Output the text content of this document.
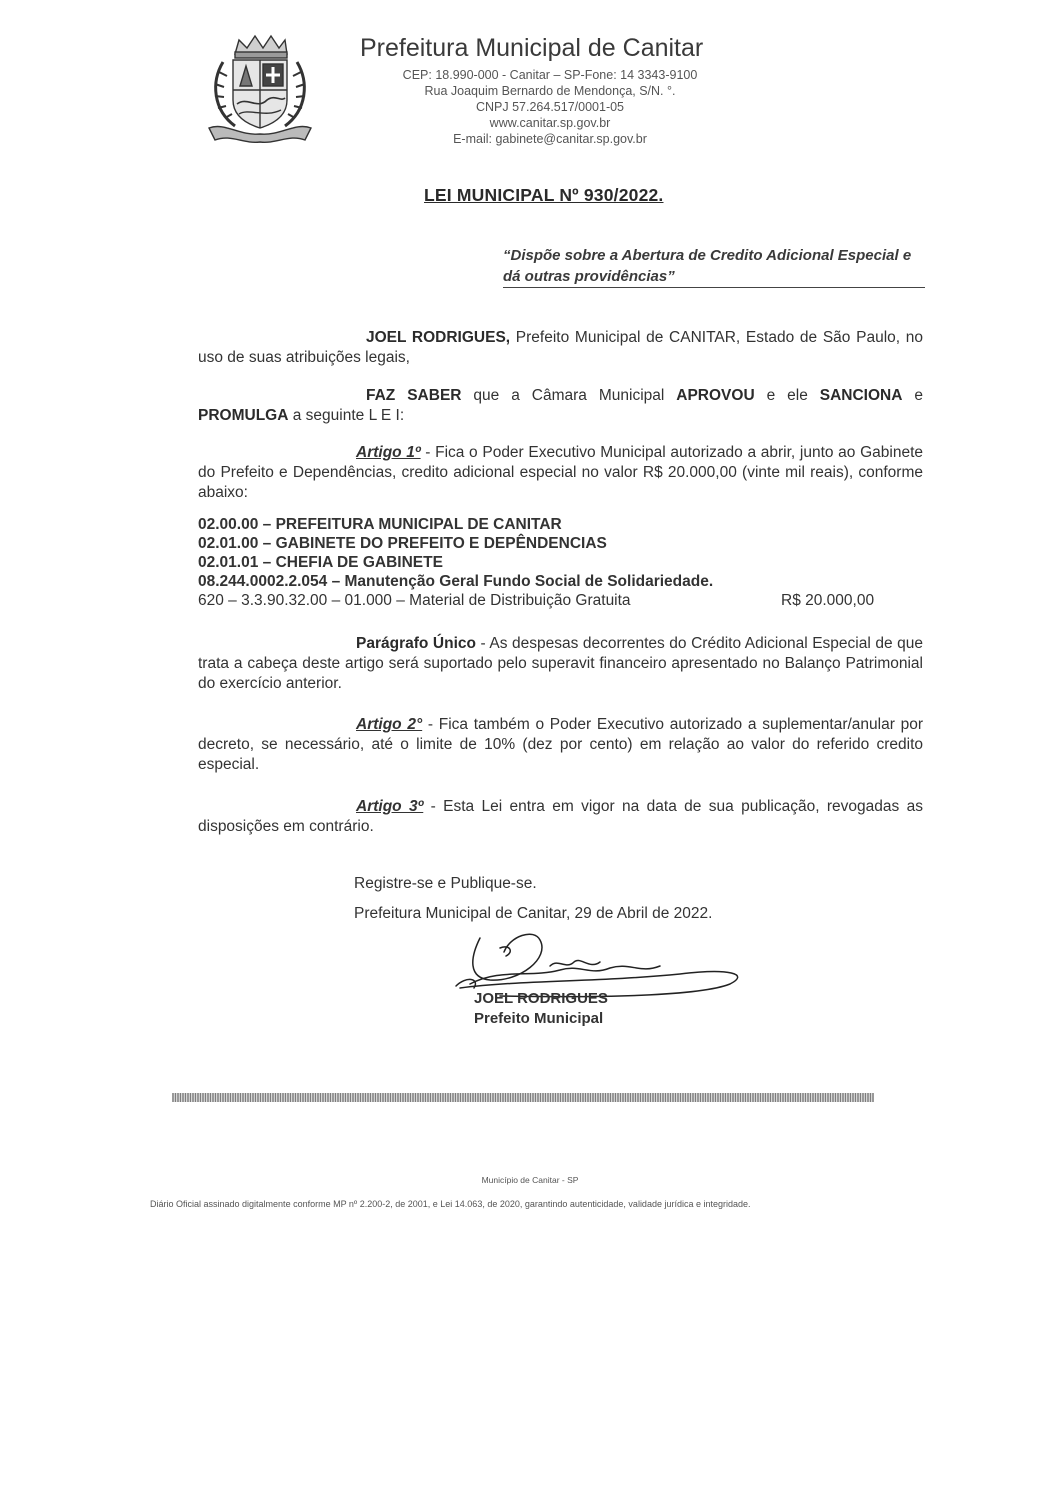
Prefeitura Municipal de Canitar
CEP: 18.990-000 - Canitar – SP-Fone: 14 3343-9100
Rua Joaquim Bernardo de Mendonça, S/N. °.
CNPJ 57.264.517/0001-05
www.canitar.sp.gov.br
E-mail: gabinete@canitar.sp.gov.br
LEI MUNICIPAL Nº 930/2022.
“Dispõe sobre a Abertura de Credito Adicional Especial e dá outras providências”
JOEL RODRIGUES, Prefeito Municipal de CANITAR, Estado de São Paulo, no uso de suas atribuições legais,
FAZ SABER que a Câmara Municipal APROVOU e ele SANCIONA e PROMULGA a seguinte L E I:
Artigo 1º - Fica o Poder Executivo Municipal autorizado a abrir, junto ao Gabinete do Prefeito e Dependências, credito adicional especial no valor R$ 20.000,00 (vinte mil reais), conforme abaixo:
02.00.00 – PREFEITURA MUNICIPAL DE CANITAR
02.01.00 – GABINETE DO PREFEITO E DEPÊNDENCIAS
02.01.01 – CHEFIA DE GABINETE
08.244.0002.2.054 – Manutenção Geral Fundo Social de Solidariedade.
620 – 3.3.90.32.00 – 01.000 – Material de Distribuição Gratuita	R$ 20.000,00
Parágrafo Único - As despesas decorrentes do Crédito Adicional Especial de que trata a cabeça deste artigo será suportado pelo superavit financeiro apresentado no Balanço Patrimonial do exercício anterior.
Artigo 2° - Fica também o Poder Executivo autorizado a suplementar/anular por decreto, se necessário, até o limite de 10% (dez por cento) em relação ao valor do referido credito especial.
Artigo 3º - Esta Lei entra em vigor na data de sua publicação, revogadas as disposições em contrário.
Registre-se e Publique-se.
Prefeitura Municipal de Canitar, 29 de Abril de 2022.
JOEL RODRIGUES
Prefeito Municipal
Município de Canitar - SP
Diário Oficial assinado digitalmente conforme MP nº 2.200-2, de 2001, e Lei 14.063, de 2020, garantindo autenticidade, validade jurídica e integridade.
